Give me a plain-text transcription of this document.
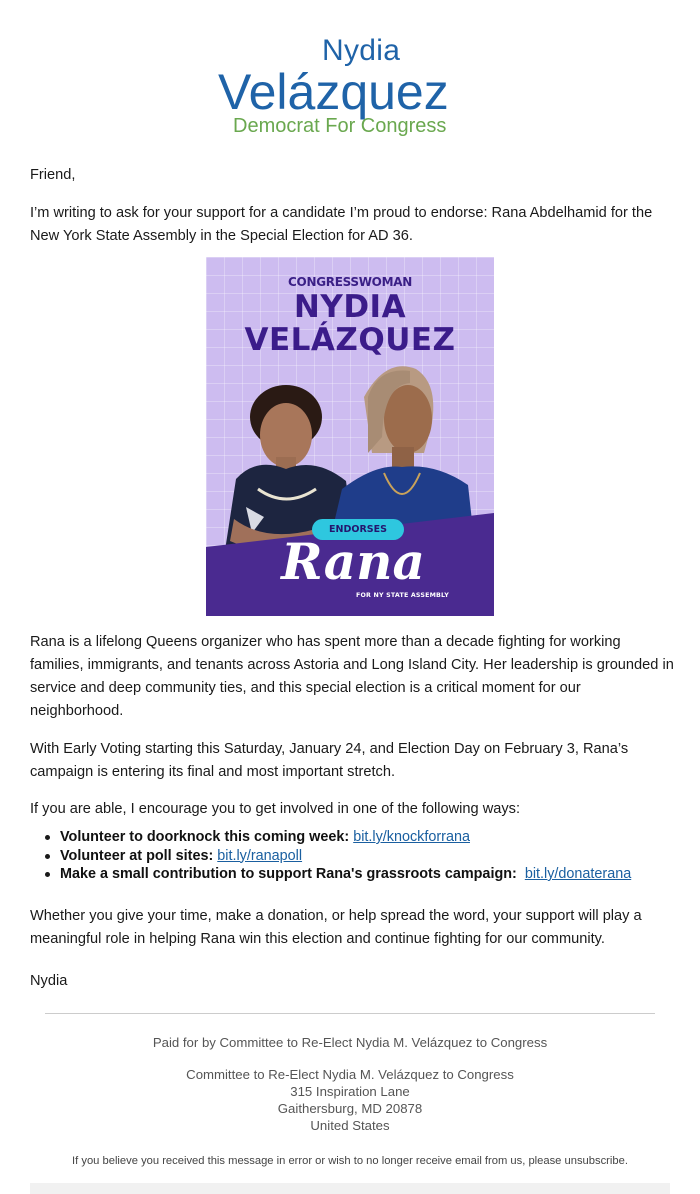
Nydia
Velázquez
Democrat For Congress

Friend,

I’m writing to ask for your support for a candidate I’m proud to endorse: Rana Abdelhamid for the New York State Assembly in the Special Election for AD 36.

CONGRESSWOMAN
NYDIA
VELÁZQUEZ
ENDORSES
Rana
FOR NY STATE ASSEMBLY

Rana is a lifelong Queens organizer who has spent more than a decade fighting for working families, immigrants, and tenants across Astoria and Long Island City. Her leadership is grounded in service and deep community ties, and this special election is a critical moment for our neighborhood.

With Early Voting starting this Saturday, January 24, and Election Day on February 3, Rana’s campaign is entering its final and most important stretch.

If you are able, I encourage you to get involved in one of the following ways:

Volunteer to doorknock this coming week: bit.ly/knockforrana
Volunteer at poll sites: bit.ly/ranapoll
Make a small contribution to support Rana's grassroots campaign: bit.ly/donaterana

Whether you give your time, make a donation, or help spread the word, your support will play a meaningful role in helping Rana win this election and continue fighting for our community.

Nydia

Paid for by Committee to Re-Elect Nydia M. Velázquez to Congress
Committee to Re-Elect Nydia M. Velázquez to Congress
315 Inspiration Lane
Gaithersburg, MD 20878
United States
If you believe you received this message in error or wish to no longer receive email from us, please unsubscribe.
